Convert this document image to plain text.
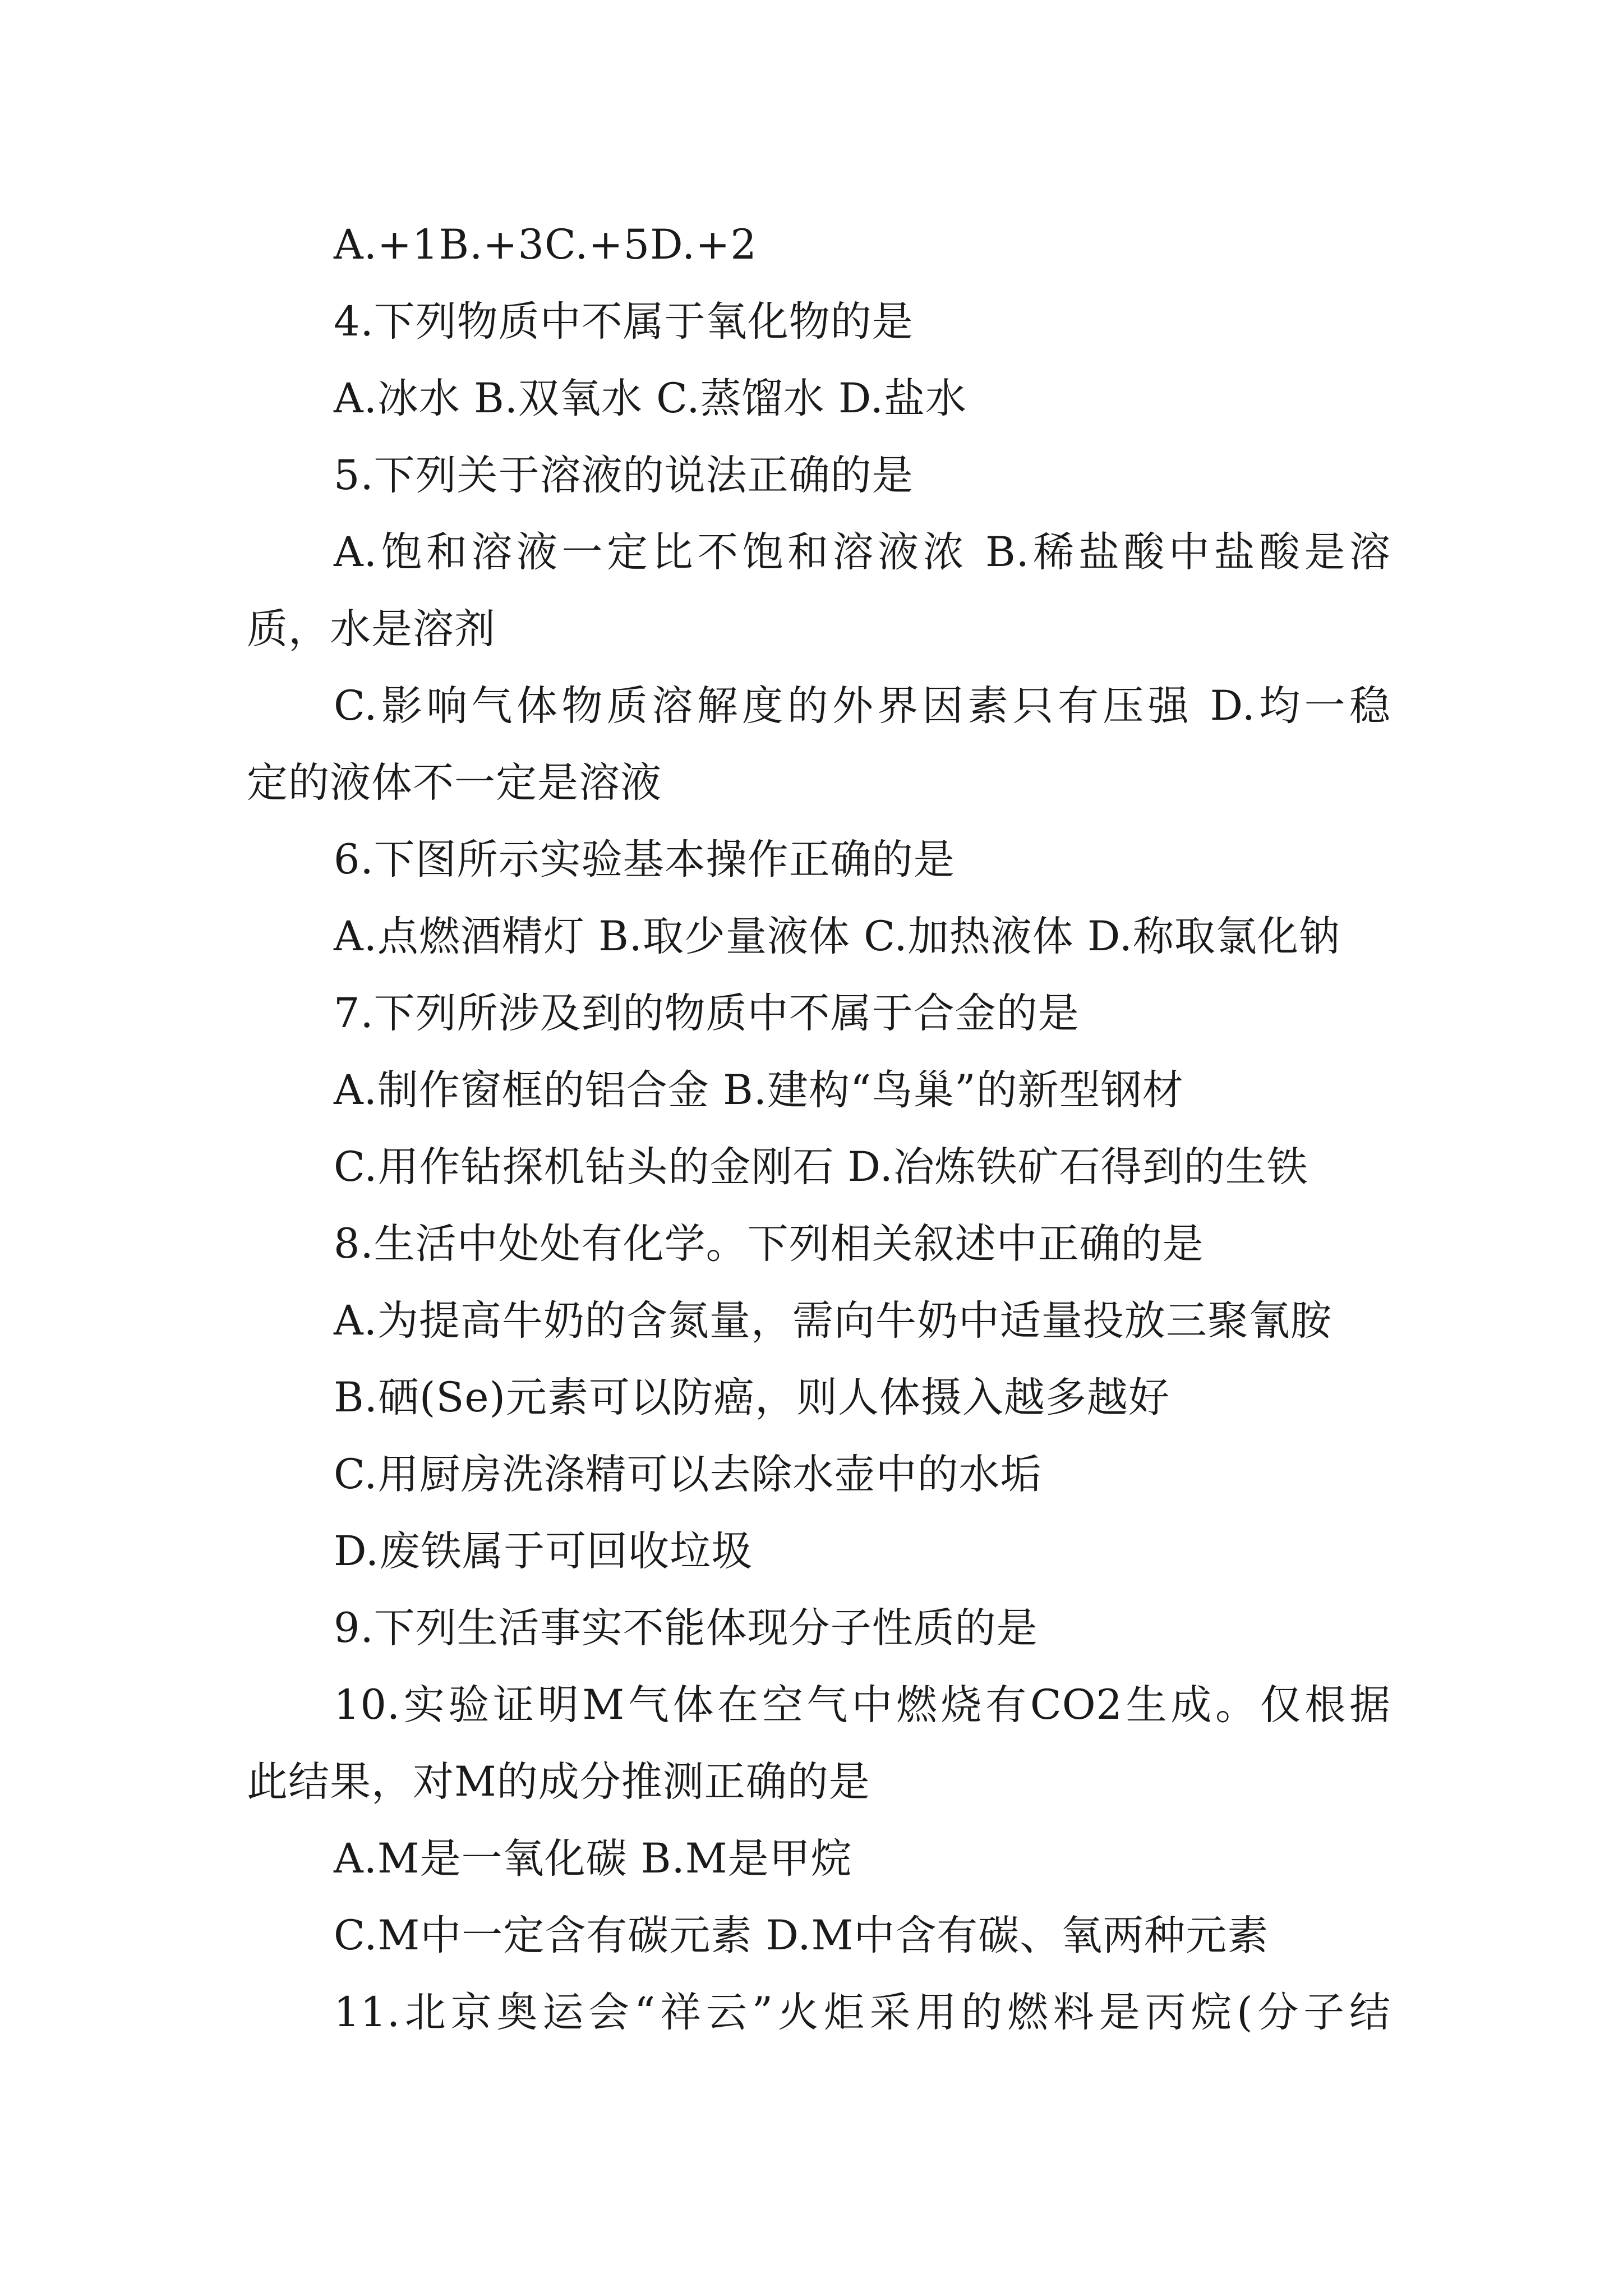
A.+1B.+3C.+5D.+2
4.下列物质中不属于氧化物的是
A.冰水 B.双氧水 C.蒸馏水 D.盐水
5.下列关于溶液的说法正确的是
A.饱和溶液一定比不饱和溶液浓 B.稀盐酸中盐酸是溶
质，水是溶剂
C.影响气体物质溶解度的外界因素只有压强 D.均一稳
定的液体不一定是溶液
6.下图所示实验基本操作正确的是
A.点燃酒精灯 B.取少量液体 C.加热液体 D.称取氯化钠
7.下列所涉及到的物质中不属于合金的是
A.制作窗框的铝合金 B.建构“鸟巢”的新型钢材
C.用作钻探机钻头的金刚石 D.冶炼铁矿石得到的生铁
8.生活中处处有化学。下列相关叙述中正确的是
A.为提高牛奶的含氮量，需向牛奶中适量投放三聚氰胺
B.硒(Se)元素可以防癌，则人体摄入越多越好
C.用厨房洗涤精可以去除水壶中的水垢
D.废铁属于可回收垃圾
9.下列生活事实不能体现分子性质的是
10.实验证明M气体在空气中燃烧有CO2生成。仅根据
此结果，对M的成分推测正确的是
A.M是一氧化碳 B.M是甲烷
C.M中一定含有碳元素 D.M中含有碳、氧两种元素
11.北京奥运会“祥云”火炬采用的燃料是丙烷(分子结
